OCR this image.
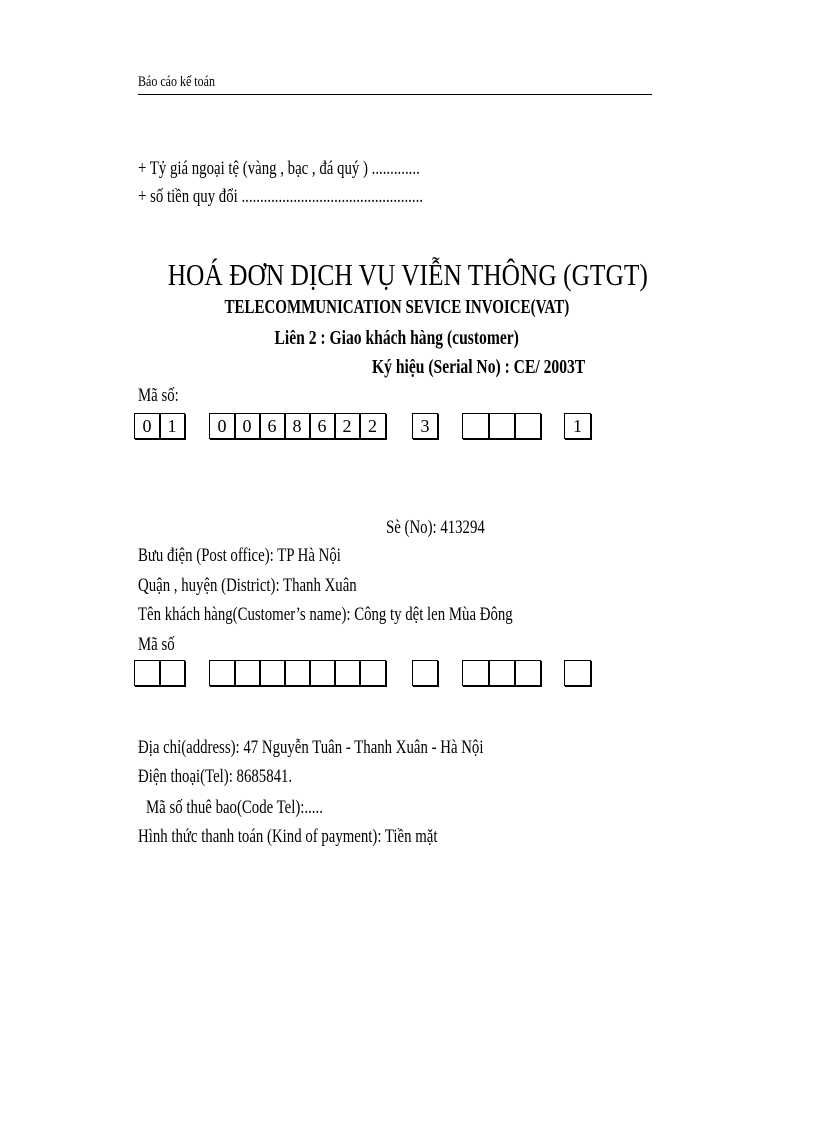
Báo cáo kế toán
+ Tỷ giá ngoại tệ (vàng , bạc , đá quý ) .............
+ số tiền quy đổi .................................................
HOÁ ĐƠN DỊCH VỤ VIỄN THÔNG (GTGT)
TELECOMMUNICATION SEVICE INVOICE(VAT)
Liên 2 : Giao khách hàng (customer)
Ký hiệu (Serial No) : CE/ 2003T
Mã số:
0 1	0 0 6 8 6 2 2	3	1
Sè (No): 413294
Bưu điện (Post office): TP Hà Nội
Quận , huyện (District): Thanh Xuân
Tên khách hàng(Customer’s name): Công ty dệt len Mùa Đông
Mã số
Địa chỉ(address): 47 Nguyễn Tuân - Thanh Xuân - Hà Nội
Điện thoại(Tel): 8685841.
Mã số thuê bao(Code Tel):.....
Hình thức thanh toán (Kind of payment): Tiền mặt
